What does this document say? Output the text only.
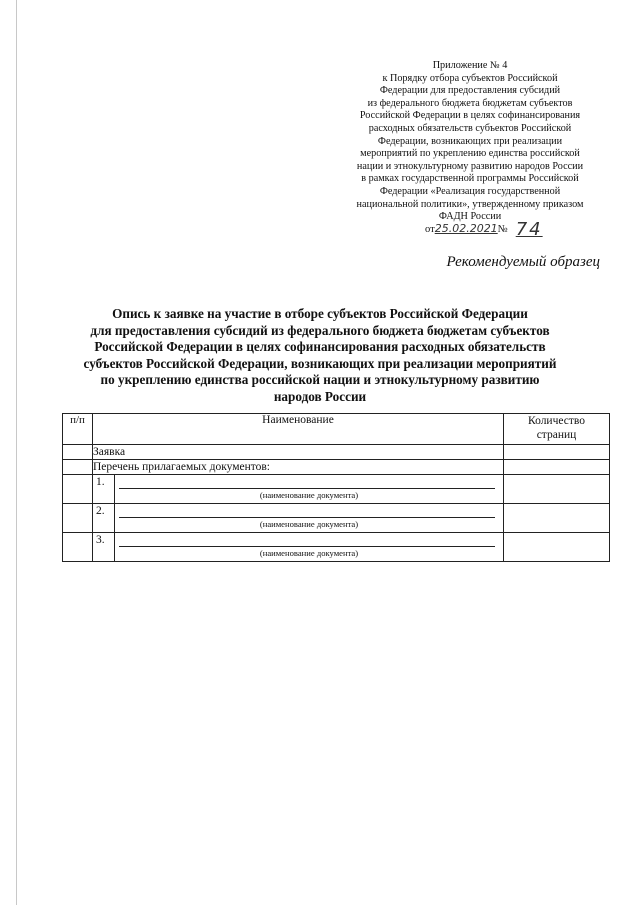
Приложение № 4
к Порядку отбора субъектов Российской
Федерации для предоставления субсидий
из федерального бюджета бюджетам субъектов
Российской Федерации в целях софинансирования
расходных обязательств субъектов Российской
Федерации, возникающих при реализации
мероприятий по укреплению единства российской
нации и этнокультурному развитию народов России
в рамках государственной программы Российской
Федерации «Реализация государственной
национальной политики», утвержденному приказом
ФАДН России
от25.02.2021№ 74
Рекомендуемый образец
Опись к заявке на участие в отборе субъектов Российской Федерации
для предоставления субсидий из федерального бюджета бюджетам субъектов
Российской Федерации в целях софинансирования расходных обязательств
субъектов Российской Федерации, возникающих при реализации мероприятий
по укреплению единства российской нации и этнокультурному развитию
народов России
п/п	Наименование	Количество
страниц
	Заявка	
	Перечень прилагаемых документов:	

	1.
(наименование документа)	

	2.
(наименование документа)	

	3.
(наименование документа)	
